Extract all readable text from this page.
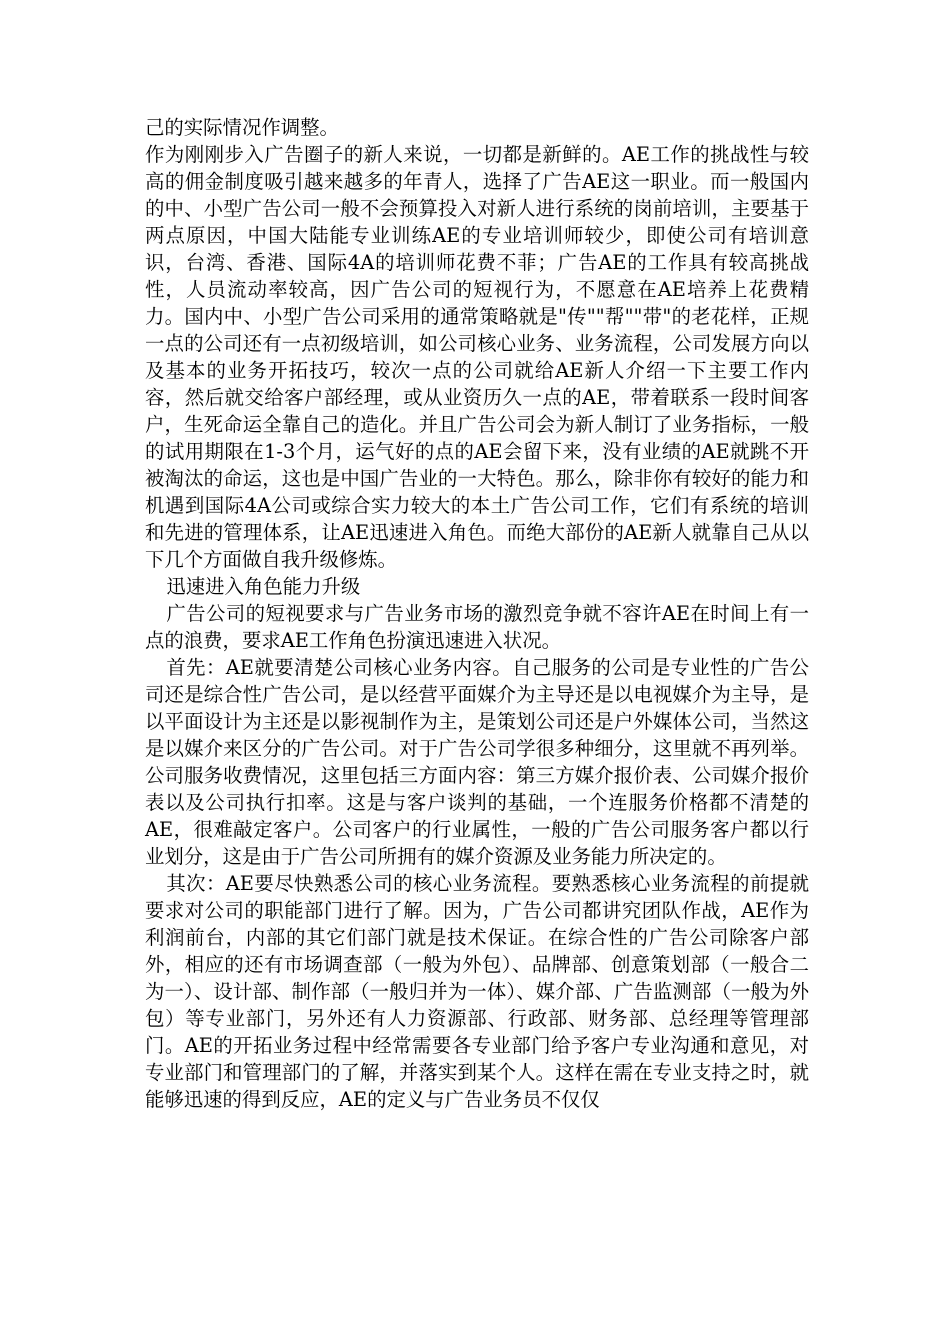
己的实际情况作调整。

作为刚刚步入广告圈子的新人来说，一切都是新鲜的。AE工作的挑战性与较高的佣金制度吸引越来越多的年青人，选择了广告AE这一职业。而一般国内的中、小型广告公司一般不会预算投入对新人进行系统的岗前培训，主要基于两点原因，中国大陆能专业训练AE的专业培训师较少，即使公司有培训意识，台湾、香港、国际4A的培训师花费不菲；广告AE的工作具有较高挑战性，人员流动率较高，因广告公司的短视行为，不愿意在AE培养上花费精力。国内中、小型广告公司采用的通常策略就是"传""帮""带"的老花样，正规一点的公司还有一点初级培训，如公司核心业务、业务流程，公司发展方向以及基本的业务开拓技巧，较次一点的公司就给AE新人介绍一下主要工作内容，然后就交给客户部经理，或从业资历久一点的AE，带着联系一段时间客户，生死命运全靠自己的造化。并且广告公司会为新人制订了业务指标，一般的试用期限在1-3个月，运气好的点的AE会留下来，没有业绩的AE就跳不开被淘汰的命运，这也是中国广告业的一大特色。那么，除非你有较好的能力和机遇到国际4A公司或综合实力较大的本土广告公司工作，它们有系统的培训和先进的管理体系，让AE迅速进入角色。而绝大部份的AE新人就靠自己从以下几个方面做自我升级修炼。

迅速进入角色能力升级

广告公司的短视要求与广告业务市场的激烈竞争就不容许AE在时间上有一点的浪费，要求AE工作角色扮演迅速进入状况。

首先：AE就要清楚公司核心业务内容。自己服务的公司是专业性的广告公司还是综合性广告公司，是以经营平面媒介为主导还是以电视媒介为主导，是以平面设计为主还是以影视制作为主，是策划公司还是户外媒体公司，当然这是以媒介来区分的广告公司。对于广告公司学很多种细分，这里就不再列举。公司服务收费情况，这里包括三方面内容：第三方媒介报价表、公司媒介报价表以及公司执行扣率。这是与客户谈判的基础，一个连服务价格都不清楚的AE，很难敲定客户。公司客户的行业属性，一般的广告公司服务客户都以行业划分，这是由于广告公司所拥有的媒介资源及业务能力所决定的。

其次：AE要尽快熟悉公司的核心业务流程。要熟悉核心业务流程的前提就要求对公司的职能部门进行了解。因为，广告公司都讲究团队作战，AE作为利润前台，内部的其它们部门就是技术保证。在综合性的广告公司除客户部外，相应的还有市场调查部（一般为外包）、品牌部、创意策划部（一般合二为一）、设计部、制作部（一般归并为一体）、媒介部、广告监测部（一般为外包）等专业部门，另外还有人力资源部、行政部、财务部、总经理等管理部门。AE的开拓业务过程中经常需要各专业部门给予客户专业沟通和意见，对专业部门和管理部门的了解，并落实到某个人。这样在需在专业支持之时，就能够迅速的得到反应，AE的定义与广告业务员不仅仅
